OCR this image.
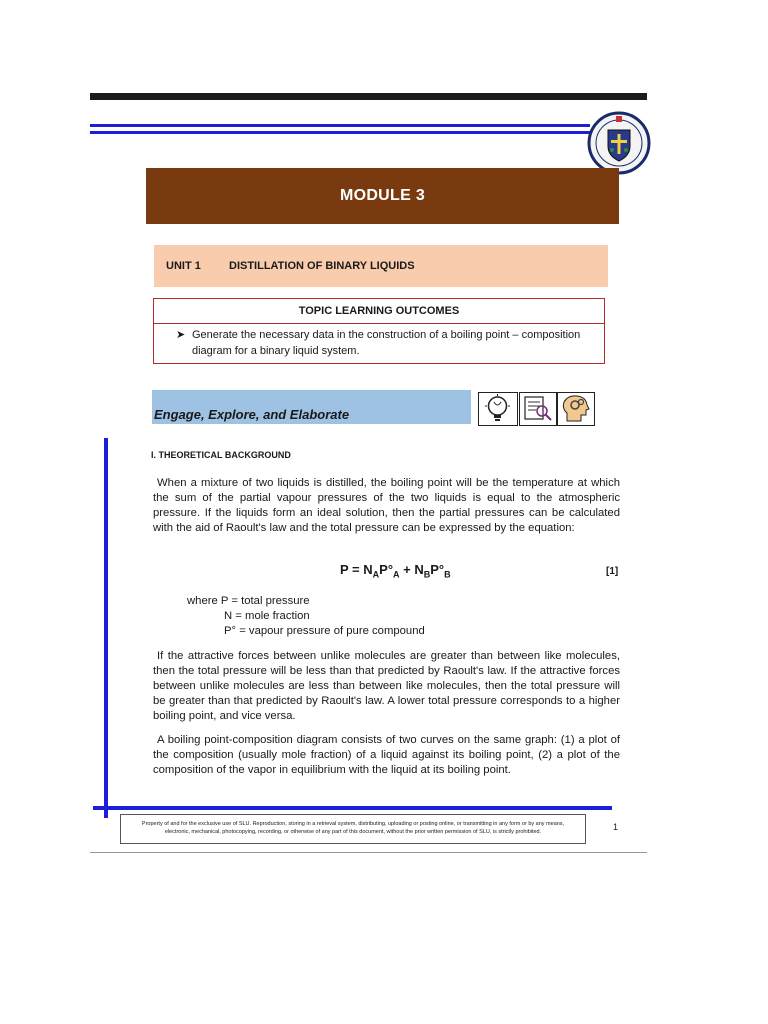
MODULE 3
UNIT 1	DISTILLATION OF BINARY LIQUIDS
TOPIC LEARNING OUTCOMES
➤ Generate the necessary data in the construction of a boiling point – composition diagram for a binary liquid system.
Engage, Explore, and Elaborate
I. THEORETICAL BACKGROUND
When a mixture of two liquids is distilled, the boiling point will be the temperature at which the sum of the partial vapour pressures of the two liquids is equal to the atmospheric pressure. If the liquids form an ideal solution, then the partial pressures can be calculated with the aid of Raoult's law and the total pressure can be expressed by the equation:
$P = N_AP^\circ_A + N_BP^\circ_B$	[1]
where P = total pressure
N = mole fraction
P° = vapour pressure of pure compound
If the attractive forces between unlike molecules are greater than between like molecules, then the total pressure will be less than that predicted by Raoult's law. If the attractive forces between unlike molecules are less than between like molecules, then the total pressure will be greater than that predicted by Raoult's law. A lower total pressure corresponds to a higher boiling point, and vice versa.
A boiling point-composition diagram consists of two curves on the same graph: (1) a plot of the composition (usually mole fraction) of a liquid against its boiling point, (2) a plot of the composition of the vapor in equilibrium with the liquid at its boiling point.
Property of and for the exclusive use of SLU. Reproduction, storing in a retrieval system, distributing, uploading or posting online, or transmitting in any form or by any means, electronic, mechanical, photocopying, recording, or otherwise of any part of this document, without the prior written permission of SLU, is strictly prohibited.	1
